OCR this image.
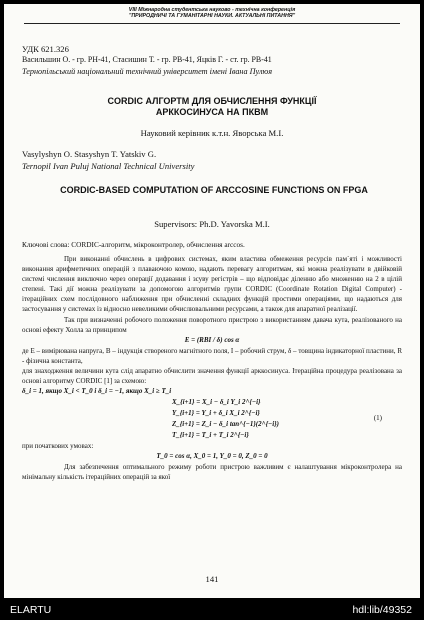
VIII Міжнародна студентська науково - технічна конференція
"ПРИРОДНИЧІ ТА ГУМАНІТАРНІ НАУКИ. АКТУАЛЬНІ ПИТАННЯ"
УДК 621.326
Васильшин О. - гр. РН-41, Стасишин Т. - гр. РВ-41, Яцків Г. - ст. гр. РВ-41
Тернопільський національний технічний університет імені Івана Пулюя
CORDIC АЛГОРТМ ДЛЯ ОБЧИСЛЕННЯ ФУНКЦІЇ
АРККОСИНУСА НА ПКВМ
Науковий керівник к.т.н. Яворська М.І.
Vasylyshyn O. Stasyshyn T. Yatskiv G.
Ternopil Ivan Puluj National Technical University
CORDIC-BASED COMPUTATION OF ARCCOSINE FUNCTIONS ON FPGA
Supervisors: Ph.D. Yavorska M.I.
Ключові слова: CORDIC-алгоритм, мікроконтролер, обчислення arccos.

При виконанні обчислень в цифрових системах, яким властива обмеження ресурсів пам`яті і можливості виконання арифметичних операцій з плаваючою комою, надають перевагу алгоритмам, які можна реалізувати в двійковій системі числення виключно через операції додавання і зсуву регістрів – що відповідає діленню або множенню на 2 в цілій степені. Такі дії можна реалізувати за допомогою алгоритмів групи CORDIC (Coordinate Rotation Digital Computer) - ітераційних схем послідовного наближення при обчисленні складних функцій простими операціями, що надаються для застосування у системах із відносно невеликими обчислювальними ресурсами, а також для апаратної реалізації.

Так при визначенні робочого положення поворотного пристрою з використанням давача кута, реалізованого на основі ефекту Холла за принципом

E = (RBI / δ) cos α

де E – вимірювана напруга, B – індукція створеного магнітного поля, I – робочий струм, δ – товщина індикаторної пластини, R - фізична константа,

для знаходження величини кута слід апаратно обчислити значення функції арккосинуса. Ітераційна процедура реалізована за основі алгоритму CORDIC [1] за схемою:

δ_i = 1, якщо X_i < T_0 і δ_i = −1, якщо X_i ≥ T_i

X_{i+1} = X_i − δ_i Y_i 2^{−i}

Y_{i+1} = Y_i + δ_i X_i 2^{−i}

Z_{i+1} = Z_i − δ_i tan^{−1}(2^{−i})

T_{i+1} = T_i + T_i 2^{−i}

(1)

при початкових умовах:

T_0 = cos α, X_0 = 1, Y_0 = 0, Z_0 = 0

Для забезпечення оптимального режиму роботи пристрою важливим є налаштування мікроконтролера на мінімальну кількість ітераційних операцій за якої

141
ELARTU	hdl:lib/49352
